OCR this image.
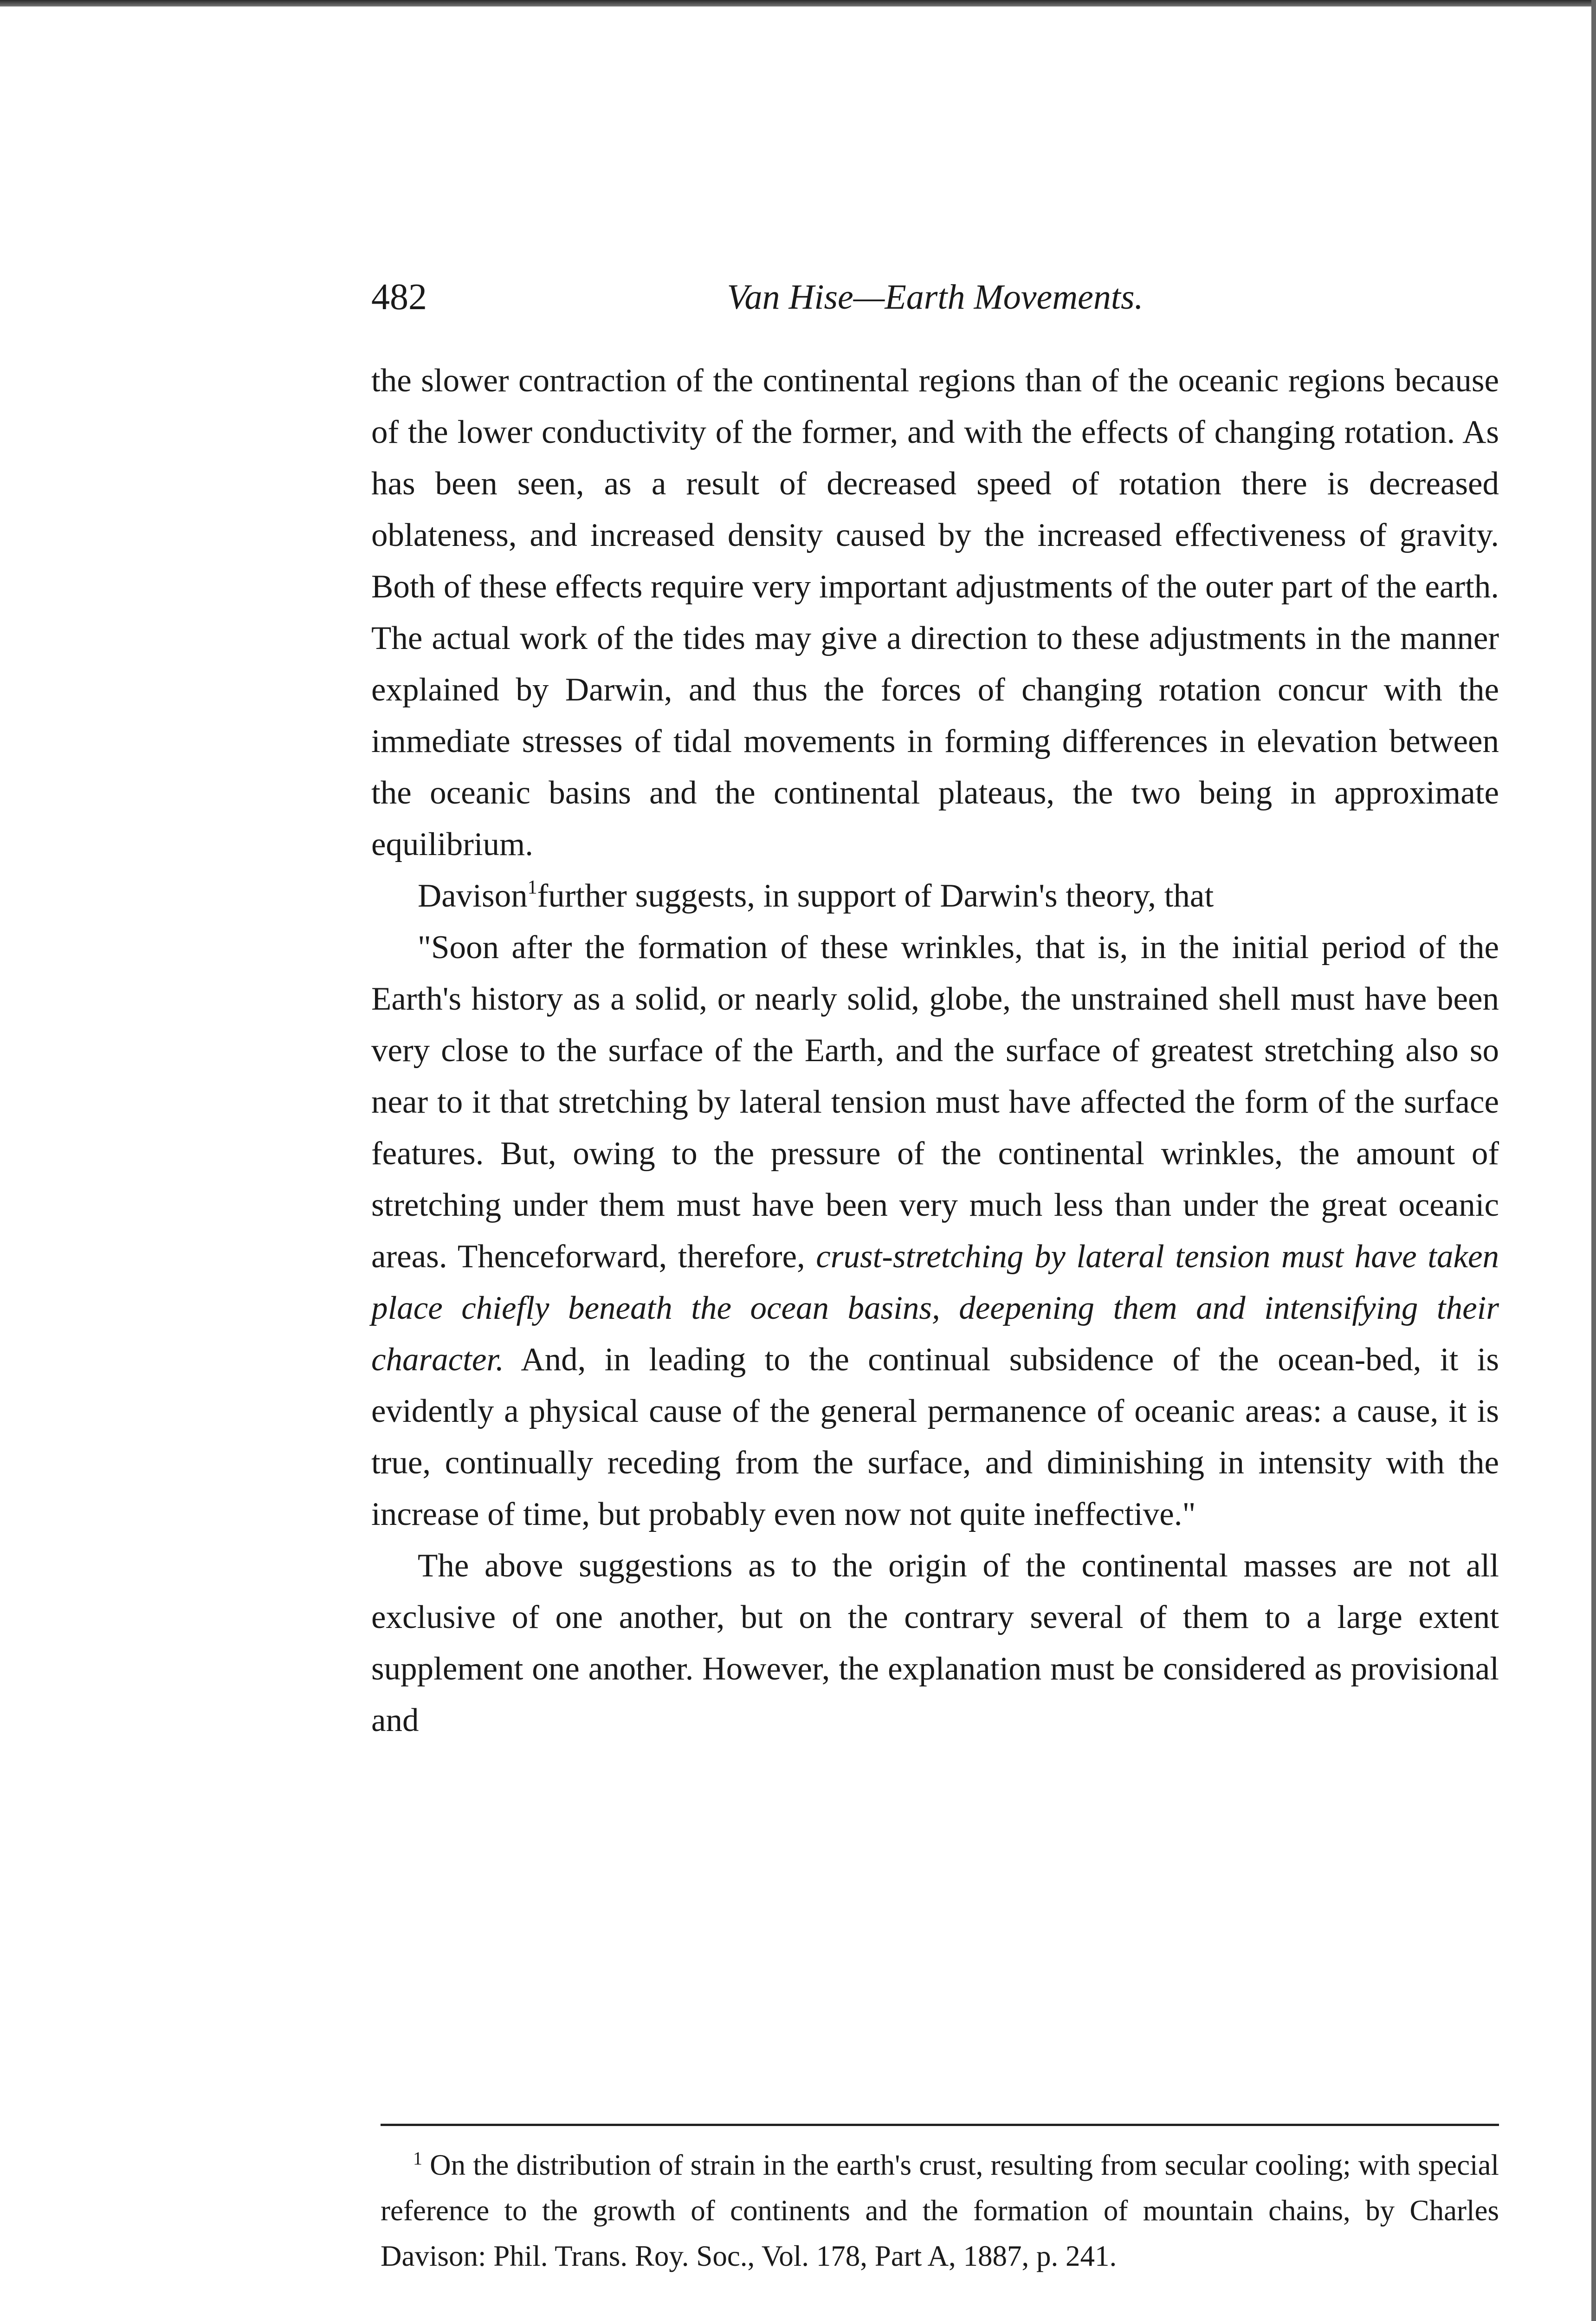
482	Van Hise—Earth Movements.

the slower contraction of the continental regions than of the oceanic regions because of the lower conductivity of the former, and with the effects of changing rotation. As has been seen, as a result of decreased speed of rotation there is decreased oblateness, and increased density caused by the increased effectiveness of gravity. Both of these effects require very important adjustments of the outer part of the earth. The actual work of the tides may give a direction to these adjustments in the manner explained by Darwin, and thus the forces of changing rotation concur with the immediate stresses of tidal movements in forming differences in elevation between the oceanic basins and the continental plateaus, the two being in approximate equilibrium.

Davison$^1$further suggests, in support of Darwin's theory, that

"Soon after the formation of these wrinkles, that is, in the initial period of the Earth's history as a solid, or nearly solid, globe, the unstrained shell must have been very close to the surface of the Earth, and the surface of greatest stretching also so near to it that stretching by lateral tension must have affected the form of the surface features. But, owing to the pressure of the continental wrinkles, the amount of stretching under them must have been very much less than under the great oceanic areas. Thenceforward, therefore, crust-stretching by lateral tension must have taken place chiefly beneath the ocean basins, deepening them and intensifying their character. And, in leading to the continual subsidence of the ocean-bed, it is evidently a physical cause of the general permanence of oceanic areas: a cause, it is true, continually receding from the surface, and diminishing in intensity with the increase of time, but probably even now not quite ineffective."

The above suggestions as to the origin of the continental masses are not all exclusive of one another, but on the contrary several of them to a large extent supplement one another. However, the explanation must be considered as provisional and

$^1$ On the distribution of strain in the earth's crust, resulting from secular cooling; with special reference to the growth of continents and the formation of mountain chains, by Charles Davison: Phil. Trans. Roy. Soc., Vol. 178, Part A, 1887, p. 241.
